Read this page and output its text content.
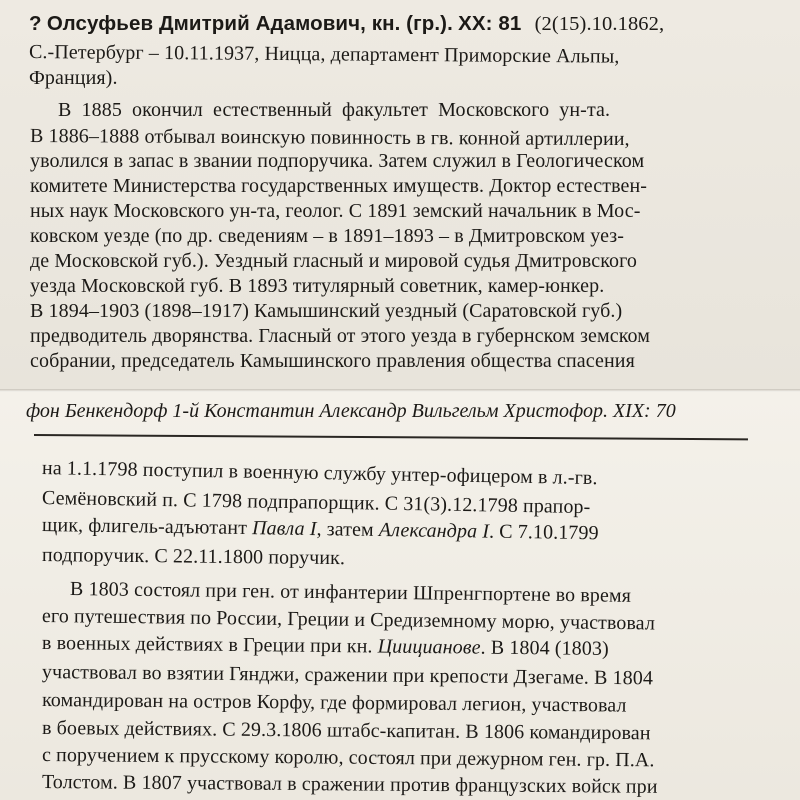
? Олсуфьев Дмитрий Адамович, кн. (гр.). XX: 81 (2(15).10.1862,
С.-Петербург – 10.11.1937, Ницца, департамент Приморские Альпы,
Франция).
В 1885 окончил естественный факультет Московского ун-та.
В 1886–1888 отбывал воинскую повинность в гв. конной артиллерии,
уволился в запас в звании подпоручика. Затем служил в Геологическом
комитете Министерства государственных имуществ. Доктор естествен-
ных наук Московского ун-та, геолог. С 1891 земский начальник в Мос-
ковском уезде (по др. сведениям – в 1891–1893 – в Дмитровском уез-
де Московской губ.). Уездный гласный и мировой судья Дмитровского
уезда Московской губ. В 1893 титулярный советник, камер-юнкер.
В 1894–1903 (1898–1917) Камышинский уездный (Саратовской губ.)
предводитель дворянства. Гласный от этого уезда в губернском земском
собрании, председатель Камышинского правления общества спасения
фон Бенкендорф 1-й Константин Александр Вильгельм Христофор. XIX: 70
на 1.1.1798 поступил в военную службу унтер-офицером в л.-гв.
Семёновский п. С 1798 подпрапорщик. С 31(3).12.1798 прапор-
щик, флигель-адъютант Павла I, затем Александра I. С 7.10.1799
подпоручик. С 22.11.1800 поручик.
В 1803 состоял при ген. от инфантерии Шпренгпортене во время
его путешествия по России, Греции и Средиземному морю, участвовал
в военных действиях в Греции при кн. Циицианове. В 1804 (1803)
участвовал во взятии Гянджи, сражении при крепости Дзегаме. В 1804
командирован на остров Корфу, где формировал легион, участвовал
в боевых действиях. С 29.3.1806 штабс-капитан. В 1806 командирован
с поручением к прусскому королю, состоял при дежурном ген. гр. П.А.
Толстом. В 1807 участвовал в сражении против французских войск при
